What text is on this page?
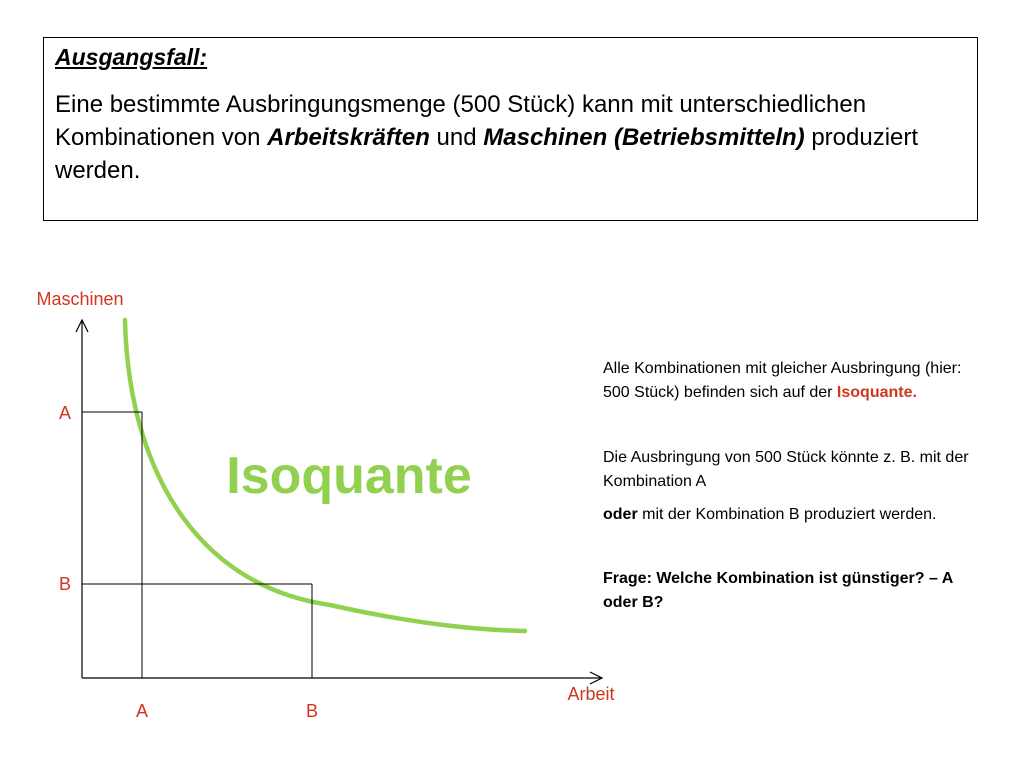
Ausgangsfall:

Eine bestimmte Ausbringungsmenge (500 Stück) kann mit unterschiedlichen Kombinationen von Arbeitskräften und Maschinen (Betriebsmitteln) produziert werden.

Maschinen
Arbeit
A
B
A	B
Isoquante

Alle Kombinationen mit gleicher Ausbringung (hier: 500 Stück) befinden sich auf der Isoquante.

Die Ausbringung von 500 Stück könnte z. B. mit der Kombination A

oder mit der Kombination B produziert werden.

Frage: Welche Kombination ist günstiger? – A oder B?
